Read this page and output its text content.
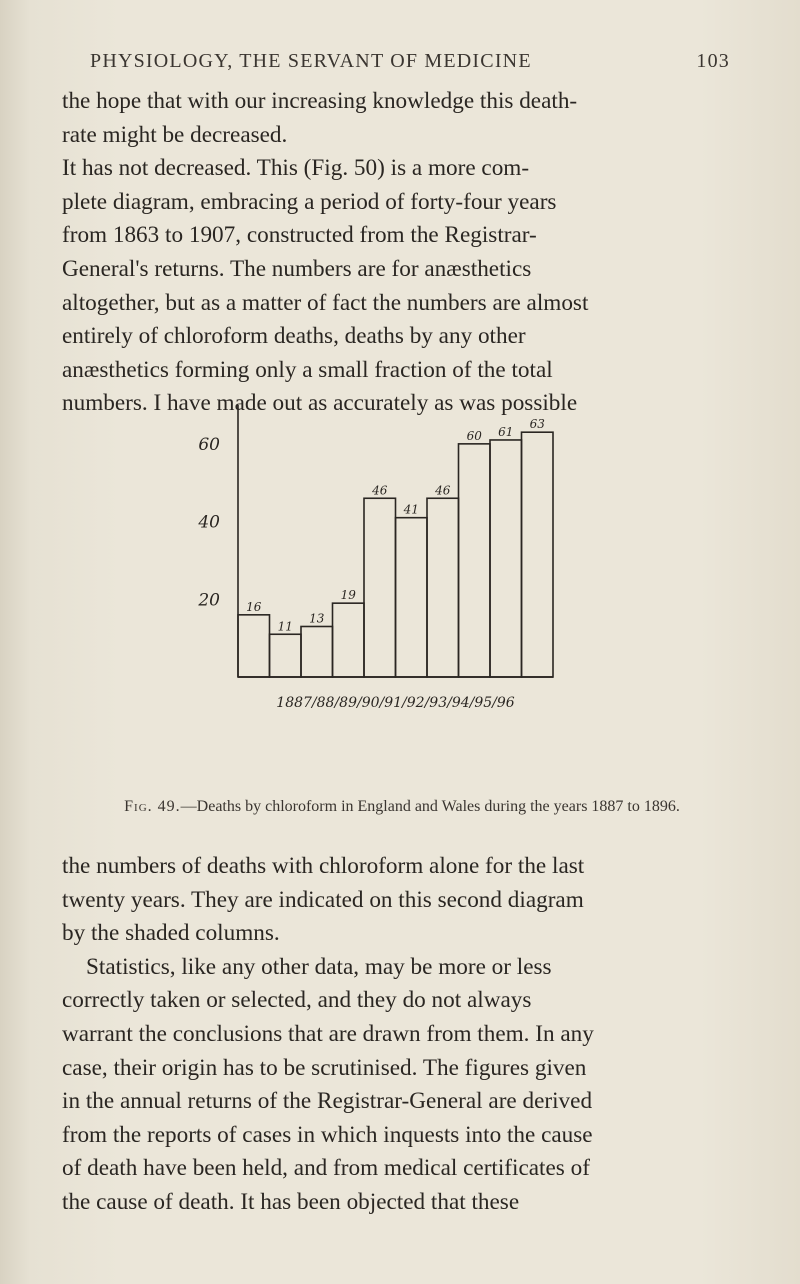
PHYSIOLOGY, THE SERVANT OF MEDICINE	103
the hope that with our increasing knowledge this death-
rate might be decreased.
It has not decreased. This (Fig. 50) is a more com-
plete diagram, embracing a period of forty-four years
from 1863 to 1907, constructed from the Registrar-
General's returns. The numbers are for anæsthetics
altogether, but as a matter of fact the numbers are almost
entirely of chloroform deaths, deaths by any other
anæsthetics forming only a small fraction of the total
numbers. I have made out as accurately as was possible
20
40
60
16
11
13
19
46
41
46
60 61
63
1887/88/89/90/91/92/93/94/95/96
Fig. 49.—Deaths by chloroform in England and Wales during the years 1887 to 1896.
the numbers of deaths with chloroform alone for the last
twenty years. They are indicated on this second diagram
by the shaded columns.
Statistics, like any other data, may be more or less
correctly taken or selected, and they do not always
warrant the conclusions that are drawn from them. In any
case, their origin has to be scrutinised. The figures given
in the annual returns of the Registrar-General are derived
from the reports of cases in which inquests into the cause
of death have been held, and from medical certificates of
the cause of death. It has been objected that these
